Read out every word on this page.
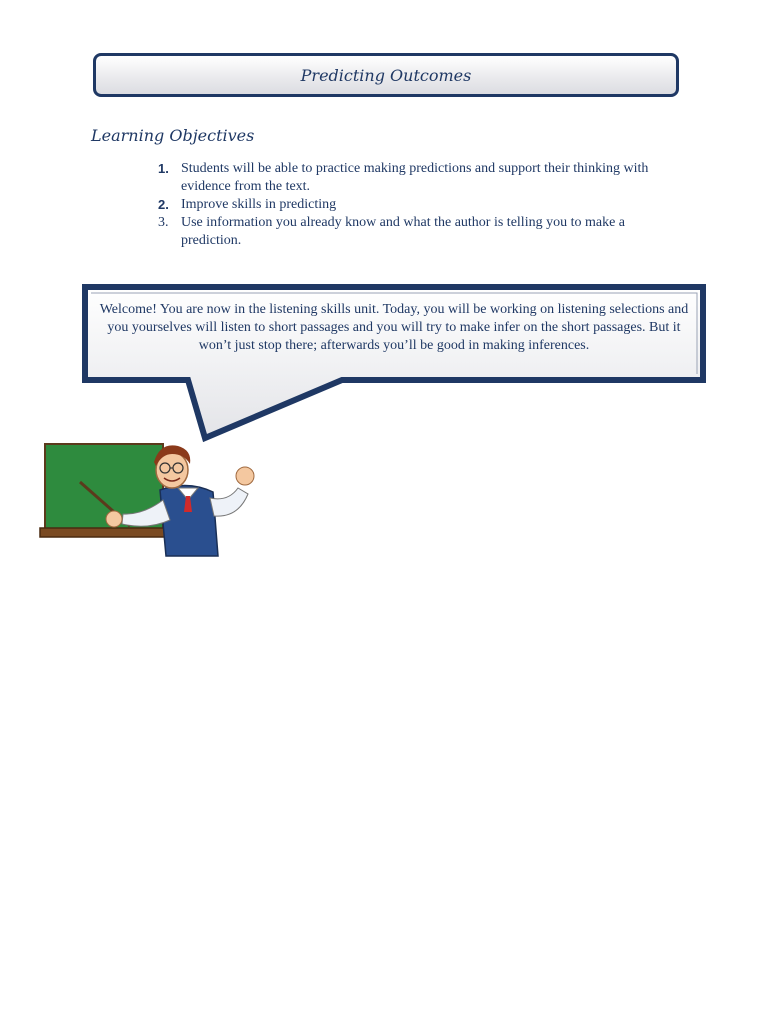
Predicting Outcomes
Learning Objectives
1. Students will be able to practice making predictions and support their thinking with evidence from the text.
2. Improve skills in predicting
3. Use information you already know and what the author is telling you to make a prediction.
Welcome! You are now in the listening skills unit. Today, you will be working on listening selections and you yourselves will listen to short passages and you will try to make infer on the short passages. But it won’t just stop there; afterwards you’ll be good in making inferences.
